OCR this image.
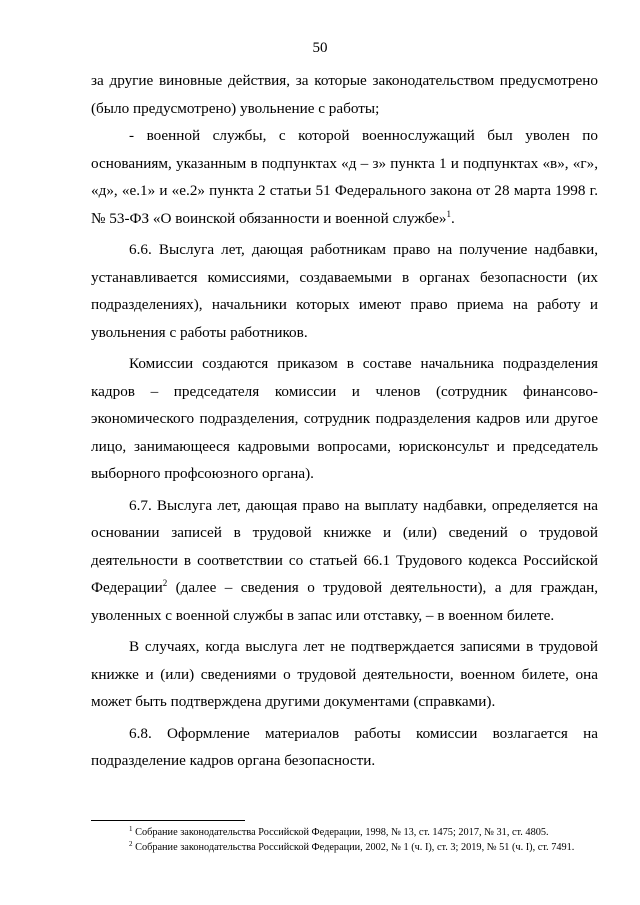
50

за другие виновные действия, за которые законодательством предусмотрено (было предусмотрено) увольнение с работы;

- военной службы, с которой военнослужащий был уволен по основаниям, указанным в подпунктах «д – з» пункта 1 и подпунктах «в», «г», «д», «е.1» и «е.2» пункта 2 статьи 51 Федерального закона от 28 марта 1998 г. № 53-ФЗ «О воинской обязанности и военной службе»$^1$.

6.6. Выслуга лет, дающая работникам право на получение надбавки, устанавливается комиссиями, создаваемыми в органах безопасности (их подразделениях), начальники которых имеют право приема на работу и увольнения с работы работников.

Комиссии создаются приказом в составе начальника подразделения кадров – председателя комиссии и членов (сотрудник финансово-экономического подразделения, сотрудник подразделения кадров или другое лицо, занимающееся кадровыми вопросами, юрисконсульт и председатель выборного профсоюзного органа).

6.7. Выслуга лет, дающая право на выплату надбавки, определяется на основании записей в трудовой книжке и (или) сведений о трудовой деятельности в соответствии со статьей 66.1 Трудового кодекса Российской Федерации$^2$ (далее – сведения о трудовой деятельности), а для граждан, уволенных с военной службы в запас или отставку, – в военном билете.

В случаях, когда выслуга лет не подтверждается записями в трудовой книжке и (или) сведениями о трудовой деятельности, военном билете, она может быть подтверждена другими документами (справками).

6.8. Оформление материалов работы комиссии возлагается на подразделение кадров органа безопасности.

$^1$ Собрание законодательства Российской Федерации, 1998, № 13, ст. 1475; 2017, № 31, ст. 4805.

$^2$ Собрание законодательства Российской Федерации, 2002, № 1 (ч. I), ст. 3; 2019, № 51 (ч. I), ст. 7491.
